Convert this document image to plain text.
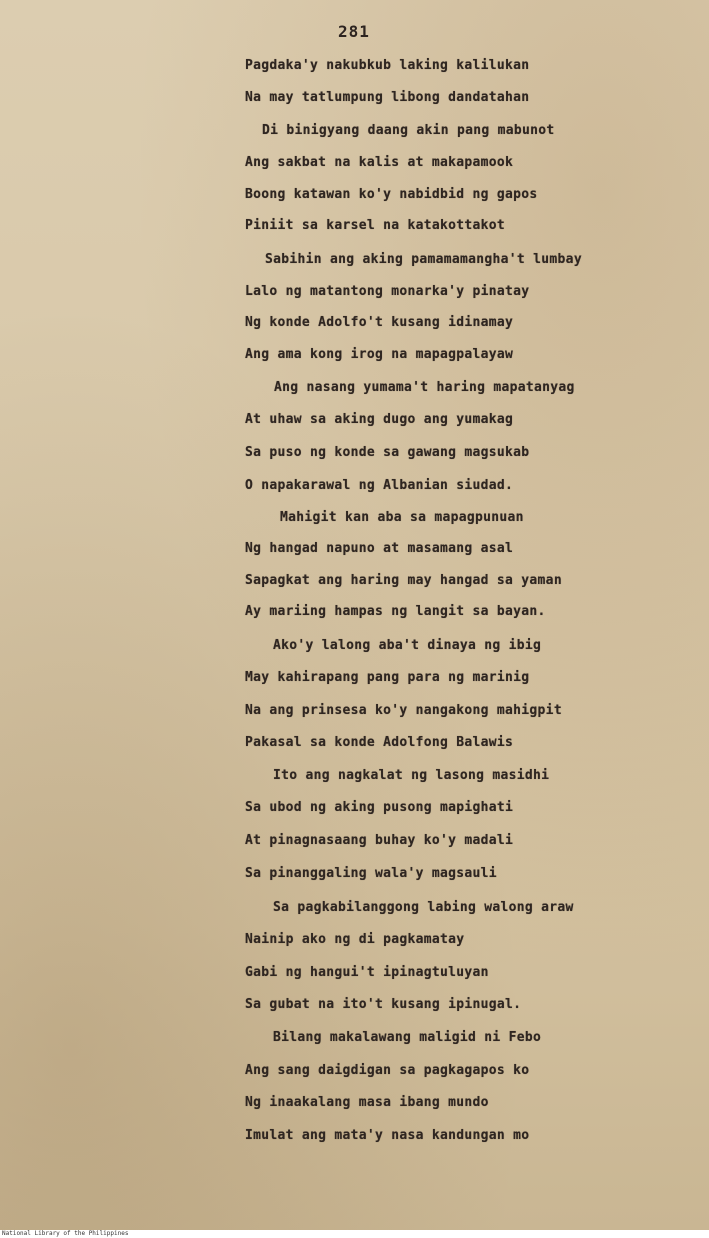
281
Pagdaka'y nakubkub laking kalilukan
Na may tatlumpung libong dandatahan
Di binigyang daang akin pang mabunot
Ang sakbat na kalis at makapamook
Boong katawan ko'y nabidbid ng gapos
Piniit sa karsel na katakottakot
Sabihin ang aking pamamamangha't lumbay
Lalo ng matantong monarka'y pinatay
Ng konde Adolfo't kusang idinamay
Ang ama kong irog na mapagpalayaw
Ang nasang yumama't haring mapatanyag
At uhaw sa aking dugo ang yumakag
Sa puso ng konde sa gawang magsukab
O napakarawal ng Albanian siudad.
Mahigit kan aba sa mapagpunuan
Ng hangad napuno at masamang asal
Sapagkat ang haring may hangad sa yaman
Ay mariing hampas ng langit sa bayan.
Ako'y lalong aba't dinaya ng ibig
May kahirapang pang para ng marinig
Na ang prinsesa ko'y nangakong mahigpit
Pakasal sa konde Adolfong Balawis
Ito ang nagkalat ng lasong masidhi
Sa ubod ng aking pusong mapighati
At pinagnasaang buhay ko'y madali
Sa pinanggaling wala'y magsauli
Sa pagkabilanggong labing walong araw
Nainip ako ng di pagkamatay
Gabi ng hangui't ipinagtuluyan
Sa gubat na ito't kusang ipinugal.
Bilang makalawang maligid ni Febo
Ang sang daigdigan sa pagkagapos ko
Ng inaakalang masa ibang mundo
Imulat ang mata'y nasa kandungan mo
National Library of the Philippines
